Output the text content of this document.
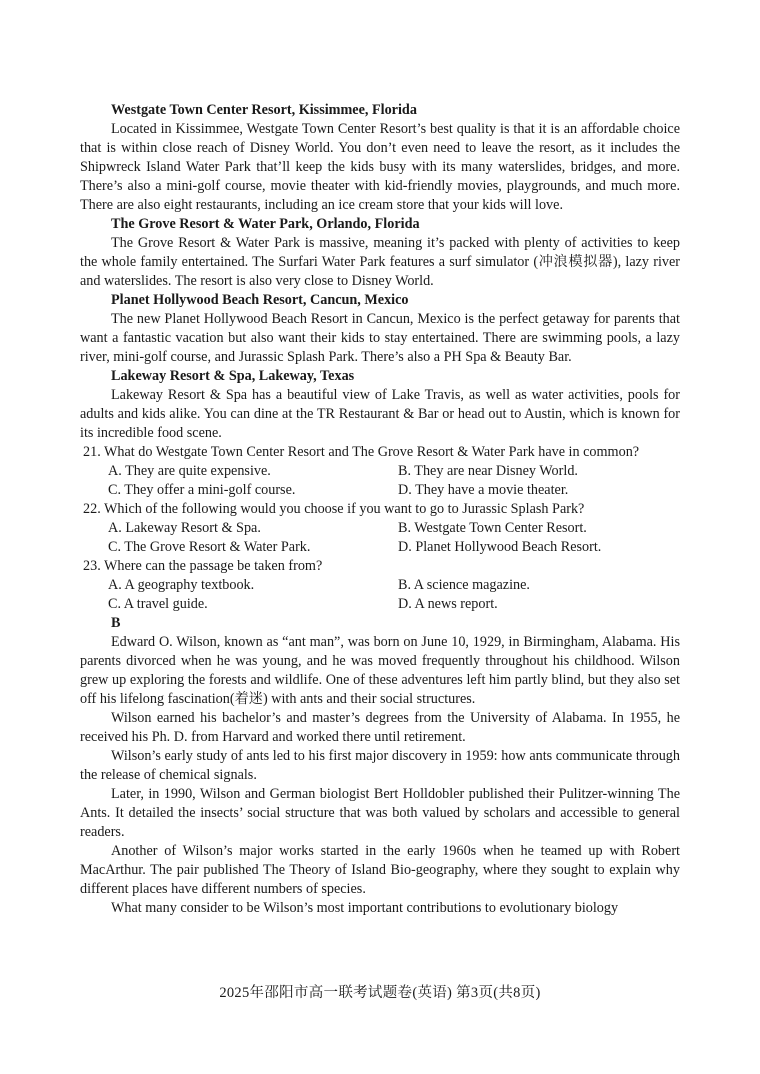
Westgate Town Center Resort, Kissimmee, Florida

Located in Kissimmee, Westgate Town Center Resort’s best quality is that it is an affordable choice that is within close reach of Disney World. You don’t even need to leave the resort, as it includes the Shipwreck Island Water Park that’ll keep the kids busy with its many waterslides, bridges, and more. There’s also a mini-golf course, movie theater with kid-friendly movies, playgrounds, and much more. There are also eight restaurants, including an ice cream store that your kids will love.

The Grove Resort & Water Park, Orlando, Florida

The Grove Resort & Water Park is massive, meaning it’s packed with plenty of activities to keep the whole family entertained. The Surfari Water Park features a surf simulator (冲浪模拟器), lazy river and waterslides. The resort is also very close to Disney World.

Planet Hollywood Beach Resort, Cancun, Mexico

The new Planet Hollywood Beach Resort in Cancun, Mexico is the perfect getaway for parents that want a fantastic vacation but also want their kids to stay entertained. There are swimming pools, a lazy river, mini-golf course, and Jurassic Splash Park. There’s also a PH Spa & Beauty Bar.

Lakeway Resort & Spa, Lakeway, Texas

Lakeway Resort & Spa has a beautiful view of Lake Travis, as well as water activities, pools for adults and kids alike. You can dine at the TR Restaurant & Bar or head out to Austin, which is known for its incredible food scene.

21. What do Westgate Town Center Resort and The Grove Resort & Water Park have in common?
A. They are quite expensive.	B. They are near Disney World.
C. They offer a mini-golf course.	D. They have a movie theater.
22. Which of the following would you choose if you want to go to Jurassic Splash Park?
A. Lakeway Resort & Spa.	B. Westgate Town Center Resort.
C. The Grove Resort & Water Park.	D. Planet Hollywood Beach Resort.
23. Where can the passage be taken from?
A. A geography textbook.	B. A science magazine.
C. A travel guide.	D. A news report.

B

Edward O. Wilson, known as “ant man”, was born on June 10, 1929, in Birmingham, Alabama. His parents divorced when he was young, and he was moved frequently throughout his childhood. Wilson grew up exploring the forests and wildlife. One of these adventures left him partly blind, but they also set off his lifelong fascination(着迷) with ants and their social structures.

Wilson earned his bachelor’s and master’s degrees from the University of Alabama. In 1955, he received his Ph. D. from Harvard and worked there until retirement.

Wilson’s early study of ants led to his first major discovery in 1959: how ants communicate through the release of chemical signals.

Later, in 1990, Wilson and German biologist Bert Holldobler published their Pulitzer-winning The Ants. It detailed the insects’ social structure that was both valued by scholars and accessible to general readers.

Another of Wilson’s major works started in the early 1960s when he teamed up with Robert MacArthur. The pair published The Theory of Island Bio-geography, where they sought to explain why different places have different numbers of species.

What many consider to be Wilson’s most important contributions to evolutionary biology

2025年邵阳市高一联考试题卷(英语) 第3页(共8页)
